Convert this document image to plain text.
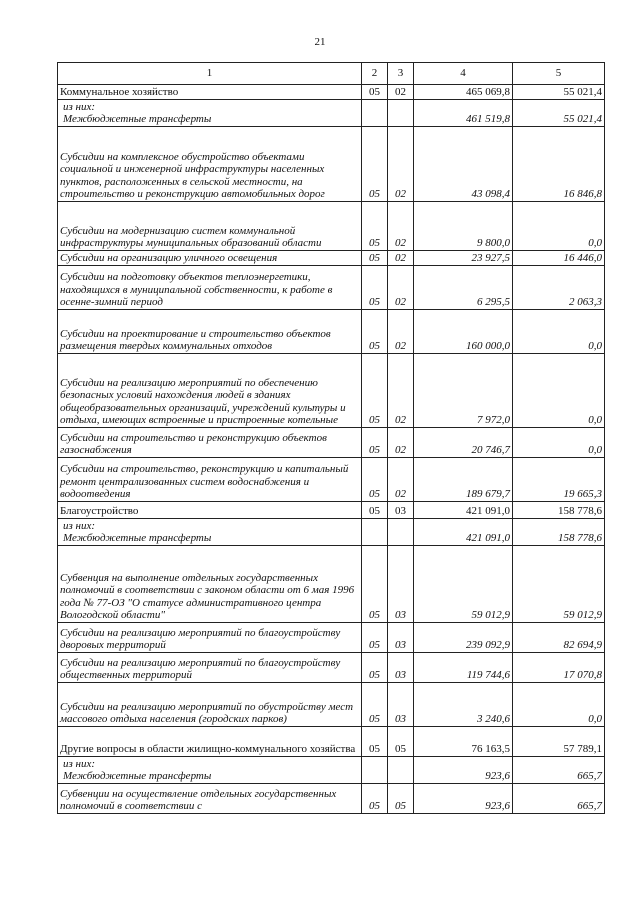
21
1	2	3	4	5
Коммунальное хозяйство	05	02	465 069,8	55 021,4

из них:
Межбюджетные трансферты			461 519,8	55 021,4
Субсидии на комплексное обустройство объектами социальной и инженерной инфраструктуры населенных пунктов, расположенных в сельской местности, на строительство и реконструкцию автомобильных дорог	05	02	43 098,4	16 846,8
Субсидии на модернизацию систем коммунальной инфраструктуры муниципальных образований области	05	02	9 800,0	0,0
Субсидии на организацию уличного освещения	05	02	23 927,5	16 446,0
Субсидии на подготовку объектов теплоэнергетики, находящихся в муниципальной собственности, к работе в осенне-зимний период	05	02	6 295,5	2 063,3
Субсидии на проектирование и строительство объектов размещения твердых коммунальных отходов	05	02	160 000,0	0,0
Субсидии на реализацию мероприятий по обеспечению безопасных условий нахождения людей в зданиях общеобразовательных организаций, учреждений культуры и отдыха, имеющих встроенные и пристроенные котельные	05	02	7 972,0	0,0
Субсидии на строительство и реконструкцию объектов газоснабжения	05	02	20 746,7	0,0
Субсидии на строительство, реконструкцию и капитальный ремонт централизованных систем водоснабжения и водоотведения	05	02	189 679,7	19 665,3
Благоустройство	05	03	421 091,0	158 778,6

из них:
Межбюджетные трансферты			421 091,0	158 778,6
Субвенция на выполнение отдельных государственных полномочий в соответствии с законом области от 6 мая 1996 года № 77-ОЗ "О статусе административного центра Вологодской области"	05	03	59 012,9	59 012,9
Субсидии на реализацию мероприятий по благоустройству дворовых территорий	05	03	239 092,9	82 694,9
Субсидии на реализацию мероприятий по благоустройству общественных территорий	05	03	119 744,6	17 070,8
Субсидии на реализацию мероприятий по обустройству мест массового отдыха населения (городских парков)	05	03	3 240,6	0,0
Другие вопросы в области жилищно-коммунального хозяйства	05	05	76 163,5	57 789,1

из них:
Межбюджетные трансферты			923,6	665,7
Субвенции на осуществление отдельных государственных полномочий в соответствии с	05	05	923,6	665,7
